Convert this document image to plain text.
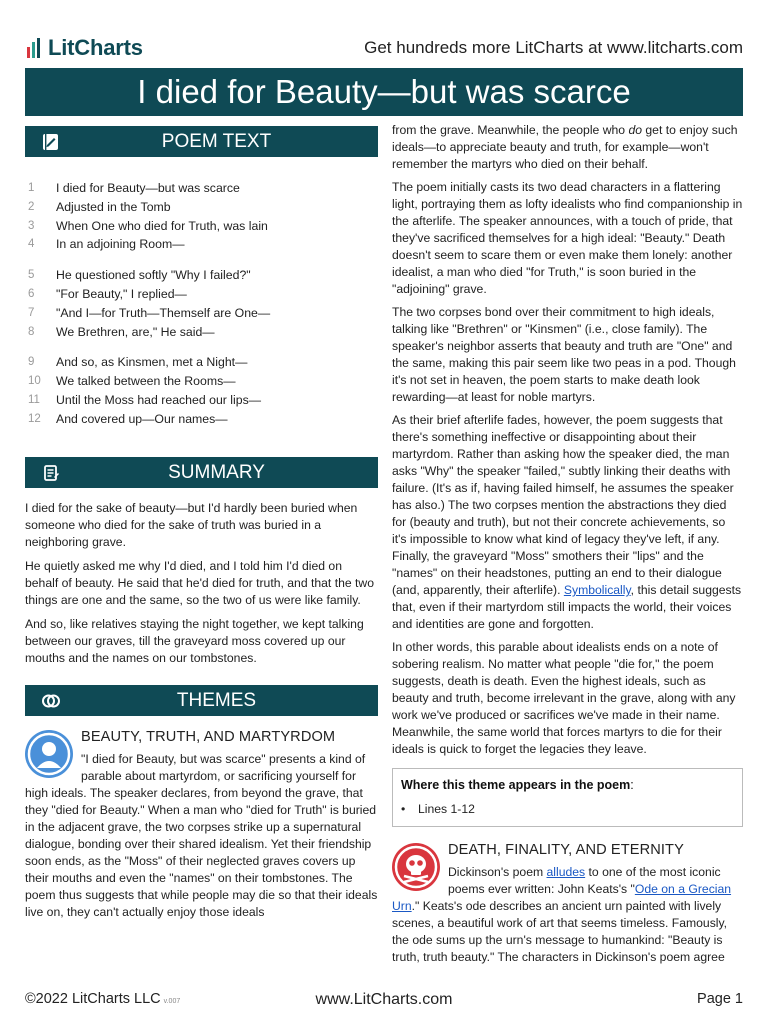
LitCharts	Get hundreds more LitCharts at www.litcharts.com
I died for Beauty—but was scarce
POEM TEXT
1	I died for Beauty—but was scarce
2	Adjusted in the Tomb
3	When One who died for Truth, was lain
4	In an adjoining Room—
5	He questioned softly "Why I failed?"
6	"For Beauty," I replied—
7	"And I—for Truth—Themself are One—
8	We Brethren, are," He said—
9	And so, as Kinsmen, met a Night—
10	We talked between the Rooms—
11	Until the Moss had reached our lips—
12	And covered up—Our names—
SUMMARY

I died for the sake of beauty—but I'd hardly been buried when someone who died for the sake of truth was buried in a neighboring grave.

He quietly asked me why I'd died, and I told him I'd died on behalf of beauty. He said that he'd died for truth, and that the two things are one and the same, so the two of us were like family.

And so, like relatives staying the night together, we kept talking between our graves, till the graveyard moss covered up our mouths and the names on our tombstones.

THEMES
BEAUTY, TRUTH, AND MARTYRDOM
"I died for Beauty, but was scarce" presents a kind of parable about martyrdom, or sacrificing yourself for high ideals. The speaker declares, from beyond the grave, that they "died for Beauty." When a man who "died for Truth" is buried in the adjacent grave, the two corpses strike up a supernatural dialogue, bonding over their shared idealism. Yet their friendship soon ends, as the "Moss" of their neglected graves covers up their mouths and even the "names" on their tombstones. The poem thus suggests that while people may die so that their ideals live on, they can't actually enjoy those ideals

from the grave. Meanwhile, the people who do get to enjoy such ideals—to appreciate beauty and truth, for example—won't remember the martyrs who died on their behalf.

The poem initially casts its two dead characters in a flattering light, portraying them as lofty idealists who find companionship in the afterlife. The speaker announces, with a touch of pride, that they've sacrificed themselves for a high ideal: "Beauty." Death doesn't seem to scare them or even make them lonely: another idealist, a man who died "for Truth," is soon buried in the "adjoining" grave.

The two corpses bond over their commitment to high ideals, talking like "Brethren" or "Kinsmen" (i.e., close family). The speaker's neighbor asserts that beauty and truth are "One" and the same, making this pair seem like two peas in a pod. Though it's not set in heaven, the poem starts to make death look rewarding—at least for noble martyrs.

As their brief afterlife fades, however, the poem suggests that there's something ineffective or disappointing about their martyrdom. Rather than asking how the speaker died, the man asks "Why" the speaker "failed," subtly linking their deaths with failure. (It's as if, having failed himself, he assumes the speaker has also.) The two corpses mention the abstractions they died for (beauty and truth), but not their concrete achievements, so it's impossible to know what kind of legacy they've left, if any. Finally, the graveyard "Moss" smothers their "lips" and the "names" on their headstones, putting an end to their dialogue (and, apparently, their afterlife). Symbolically, this detail suggests that, even if their martyrdom still impacts the world, their voices and identities are gone and forgotten.

In other words, this parable about idealists ends on a note of sobering realism. No matter what people "die for," the poem suggests, death is death. Even the highest ideals, such as beauty and truth, become irrelevant in the grave, along with any work we've produced or sacrifices we've made in their name. Meanwhile, the same world that forces martyrs to die for their ideals is quick to forget the legacies they leave.

Where this theme appears in the poem:
• Lines 1-12
DEATH, FINALITY, AND ETERNITY
Dickinson's poem alludes to one of the most iconic poems ever written: John Keats's "Ode on a Grecian Urn." Keats's ode describes an ancient urn painted with lively scenes, a beautiful work of art that seems timeless. Famously, the ode sums up the urn's message to humankind: "Beauty is truth, truth beauty." The characters in Dickinson's poem agree
©2022 LitCharts LLC v.007	www.LitCharts.com	Page 1
